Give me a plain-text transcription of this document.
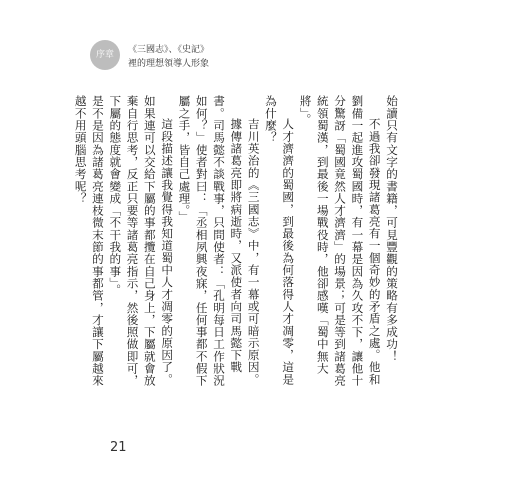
序章	《三國志》、《史記》
裡的理想領導人形象

始讀只有文字的書籍，可見豐觀的策略有多成功！

不過我卻發現諸葛亮有一個奇妙的矛盾之處。他和劉備一起進攻蜀國時，有一幕是因為久攻不下，讓他十分驚訝「蜀國竟然人才濟濟」的場景；可是等到諸葛亮統領蜀漢，到最後一場戰役時，他卻感嘆「蜀中無大將」。

人才濟濟的蜀國，到最後為何落得人才凋零，這是為什麼？

吉川英治的《三國志》中，有一幕或可暗示原因。

據傳諸葛亮即將病逝時，又派使者向司馬懿下戰書。司馬懿不談戰事，只問使者：「孔明每日工作狀況如何？」使者對曰：「丞相夙興夜寐，任何事都不假下屬之手，皆自己處理。」

這段描述讓我覺得我知道蜀中人才凋零的原因了。如果連可以交給下屬的事都攬在自己身上，下屬就會放棄自行思考，反正只要等諸葛亮指示，然後照做即可，下屬的態度就會變成「不干我的事」。

是不是因為諸葛亮連枝微末節的事都管，才讓下屬越來越不用頭腦思考呢？

21
